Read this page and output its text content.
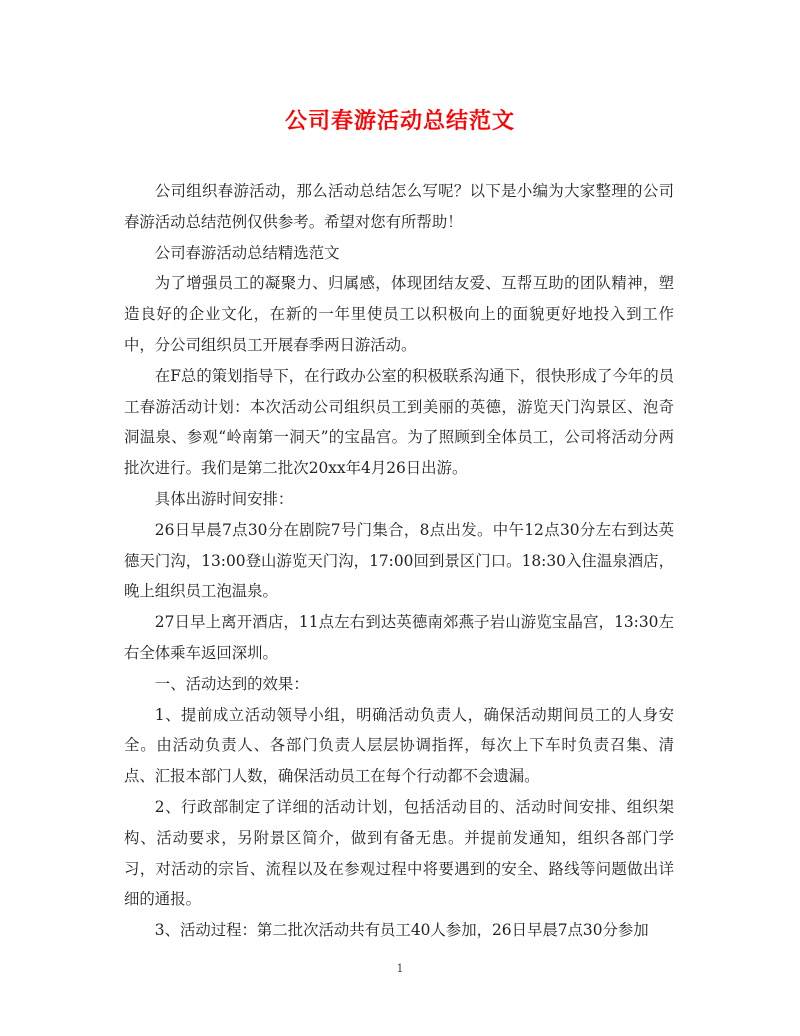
公司春游活动总结范文

公司组织春游活动，那么活动总结怎么写呢？以下是小编为大家整理的公司春游活动总结范例仅供参考。希望对您有所帮助！

公司春游活动总结精选范文

为了增强员工的凝聚力、归属感，体现团结友爱、互帮互助的团队精神，塑造良好的企业文化，在新的一年里使员工以积极向上的面貌更好地投入到工作中，分公司组织员工开展春季两日游活动。

在F总的策划指导下，在行政办公室的积极联系沟通下，很快形成了今年的员工春游活动计划：本次活动公司组织员工到美丽的英德，游览天门沟景区、泡奇洞温泉、参观“岭南第一洞天”的宝晶宫。为了照顾到全体员工，公司将活动分两批次进行。我们是第二批次20xx年4月26日出游。

具体出游时间安排：

26日早晨7点30分在剧院7号门集合，8点出发。中午12点30分左右到达英德天门沟，13:00登山游览天门沟，17:00回到景区门口。18:30入住温泉酒店，晚上组织员工泡温泉。

27日早上离开酒店，11点左右到达英德南郊燕子岩山游览宝晶宫，13:30左右全体乘车返回深圳。

一、活动达到的效果：

1、提前成立活动领导小组，明确活动负责人，确保活动期间员工的人身安全。由活动负责人、各部门负责人层层协调指挥，每次上下车时负责召集、清点、汇报本部门人数，确保活动员工在每个行动都不会遗漏。

2、行政部制定了详细的活动计划，包括活动目的、活动时间安排、组织架构、活动要求，另附景区简介，做到有备无患。并提前发通知，组织各部门学习，对活动的宗旨、流程以及在参观过程中将要遇到的安全、路线等问题做出详细的通报。

3、活动过程：第二批次活动共有员工40人参加，26日早晨7点30分参加

1
